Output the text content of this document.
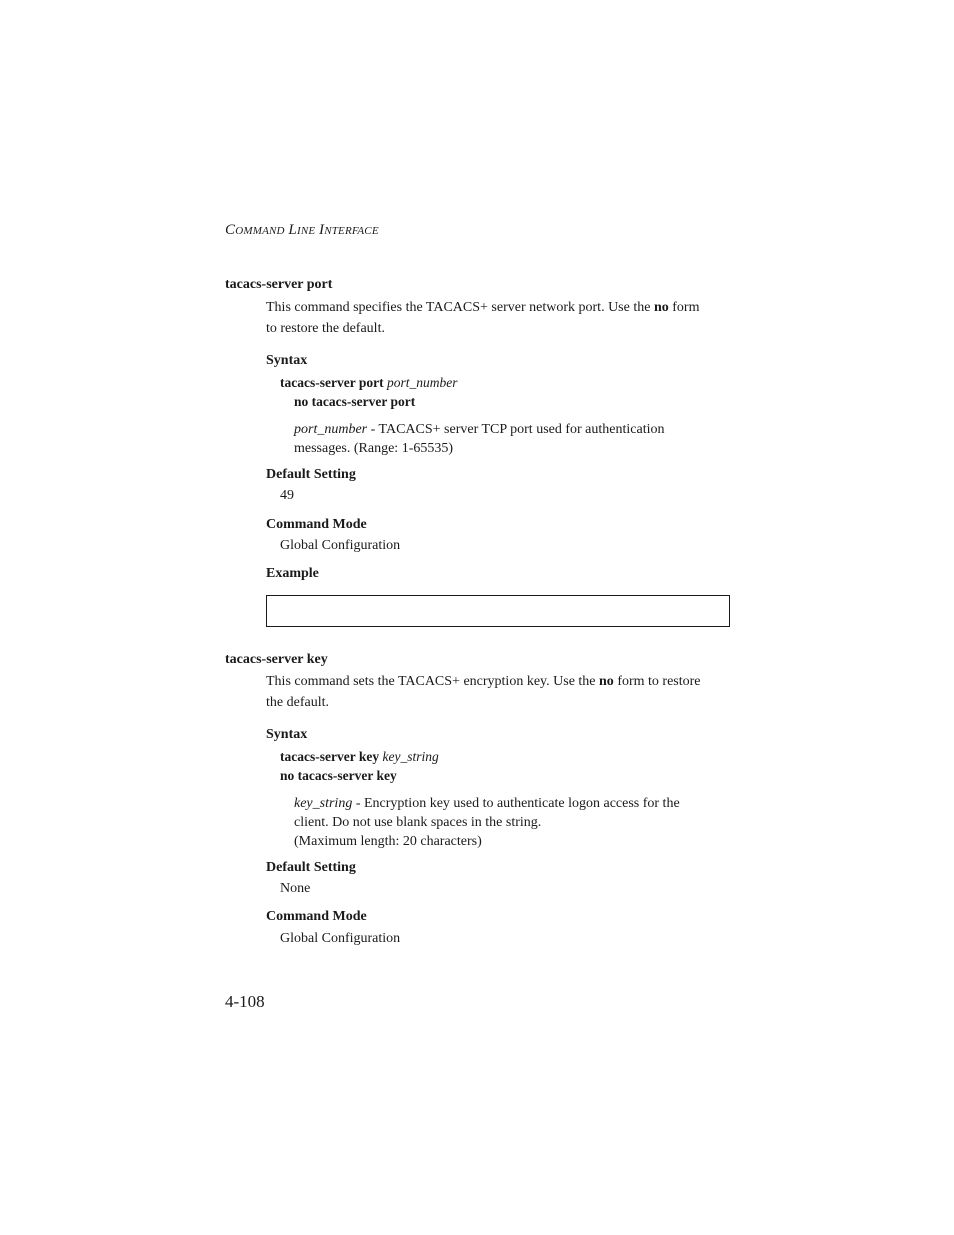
COMMAND LINE INTERFACE
tacacs-server port
This command specifies the TACACS+ server network port. Use the no form to restore the default.
Syntax
tacacs-server port port_number
no tacacs-server port
port_number - TACACS+ server TCP port used for authentication
messages. (Range: 1-65535)
Default Setting
49
Command Mode
Global Configuration
Example
tacacs-server key
This command sets the TACACS+ encryption key. Use the no form to restore the default.
Syntax
tacacs-server key key_string
no tacacs-server key
key_string - Encryption key used to authenticate logon access for the
client. Do not use blank spaces in the string.
(Maximum length: 20 characters)
Default Setting
None
Command Mode
Global Configuration
4-108
